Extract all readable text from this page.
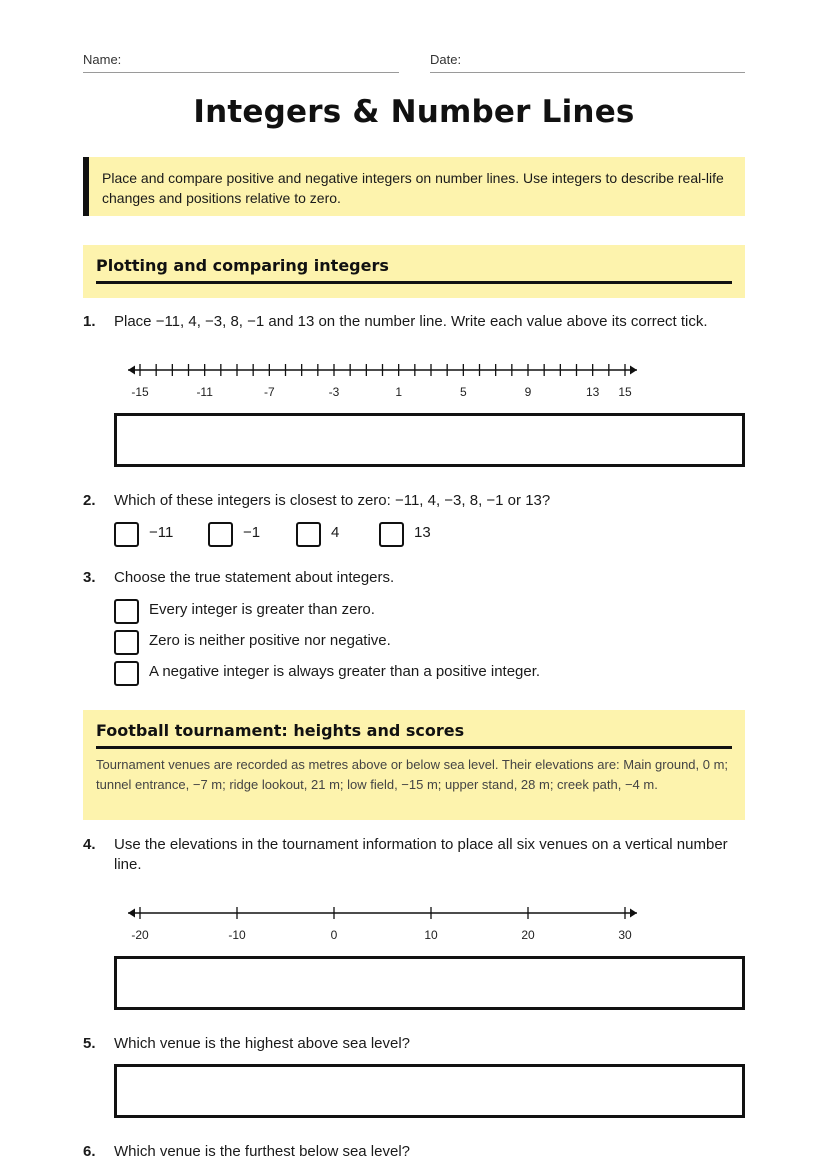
Name:	Date:
Integers & Number Lines
Place and compare positive and negative integers on number lines. Use integers to describe real-life changes and positions relative to zero.
Plotting and comparing integers
1. Place −11, 4, −3, 8, −1 and 13 on the number line. Write each value above its correct tick.
-15	-11	-7	-3	1	5	9	13 15
2. Which of these integers is closest to zero: −11, 4, −3, 8, −1 or 13?
−11	−1	4	13
3. Choose the true statement about integers.
Every integer is greater than zero.
Zero is neither positive nor negative.
A negative integer is always greater than a positive integer.
Football tournament: heights and scores
Tournament venues are recorded as metres above or below sea level. Their elevations are: Main ground, 0 m; tunnel entrance, −7 m; ridge lookout, 21 m; low field, −15 m; upper stand, 28 m; creek path, −4 m.
4. Use the elevations in the tournament information to place all six venues on a vertical number line.
-20	-10	0	10	20	30
5. Which venue is the highest above sea level?
6. Which venue is the furthest below sea level?
